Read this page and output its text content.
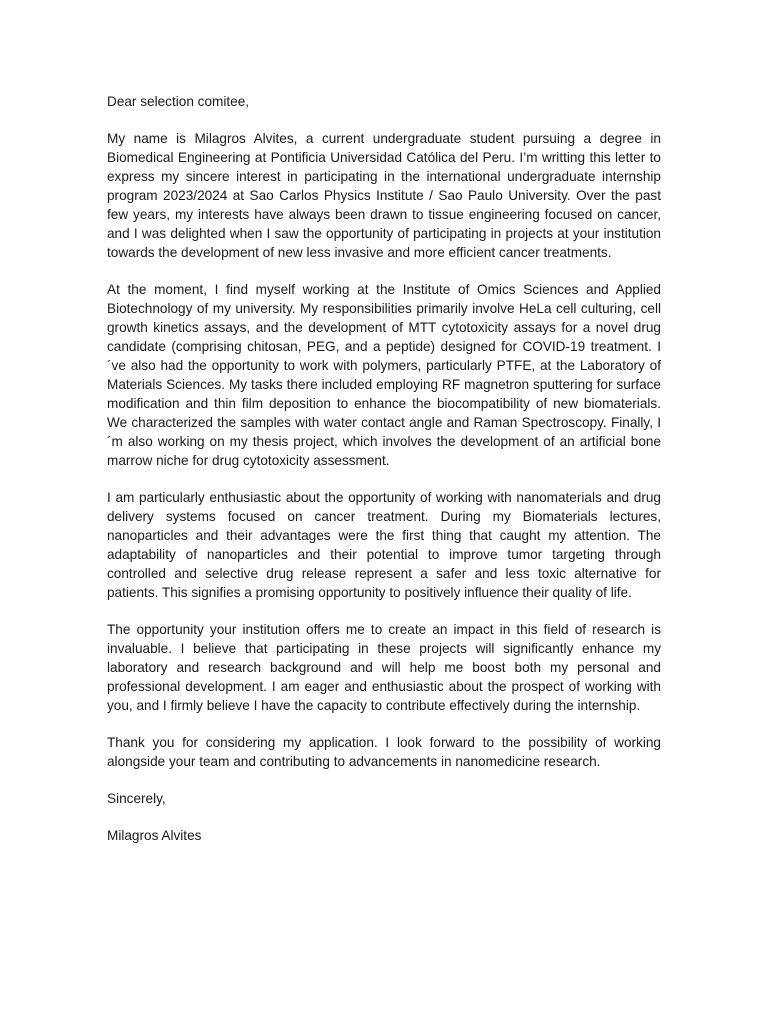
Dear selection comitee,

My name is Milagros Alvites, a current undergraduate student pursuing a degree in Biomedical Engineering at Pontificia Universidad Católica del Peru. I’m writting this letter to express my sincere interest in participating in the international undergraduate internship program 2023/2024 at Sao Carlos Physics Institute / Sao Paulo University. Over the past few years, my interests have always been drawn to tissue engineering focused on cancer, and I was delighted when I saw the opportunity of participating in projects at your institution towards the development of new less invasive and more efficient cancer treatments.

At the moment, I find myself working at the Institute of Omics Sciences and Applied Biotechnology of my university. My responsibilities primarily involve HeLa cell culturing, cell growth kinetics assays, and the development of MTT cytotoxicity assays for a novel drug candidate (comprising chitosan, PEG, and a peptide) designed for COVID-19 treatment. I´ve also had the opportunity to work with polymers, particularly PTFE, at the Laboratory of Materials Sciences. My tasks there included employing RF magnetron sputtering for surface modification and thin film deposition to enhance the biocompatibility of new biomaterials. We characterized the samples with water contact angle and Raman Spectroscopy. Finally, I´m also working on my thesis project, which involves the development of an artificial bone marrow niche for drug cytotoxicity assessment.

I am particularly enthusiastic about the opportunity of working with nanomaterials and drug delivery systems focused on cancer treatment. During my Biomaterials lectures, nanoparticles and their advantages were the first thing that caught my attention. The adaptability of nanoparticles and their potential to improve tumor targeting through controlled and selective drug release represent a safer and less toxic alternative for patients. This signifies a promising opportunity to positively influence their quality of life.

The opportunity your institution offers me to create an impact in this field of research is invaluable. I believe that participating in these projects will significantly enhance my laboratory and research background and will help me boost both my personal and professional development. I am eager and enthusiastic about the prospect of working with you, and I firmly believe I have the capacity to contribute effectively during the internship.

Thank you for considering my application. I look forward to the possibility of working alongside your team and contributing to advancements in nanomedicine research.

Sincerely,

Milagros Alvites
